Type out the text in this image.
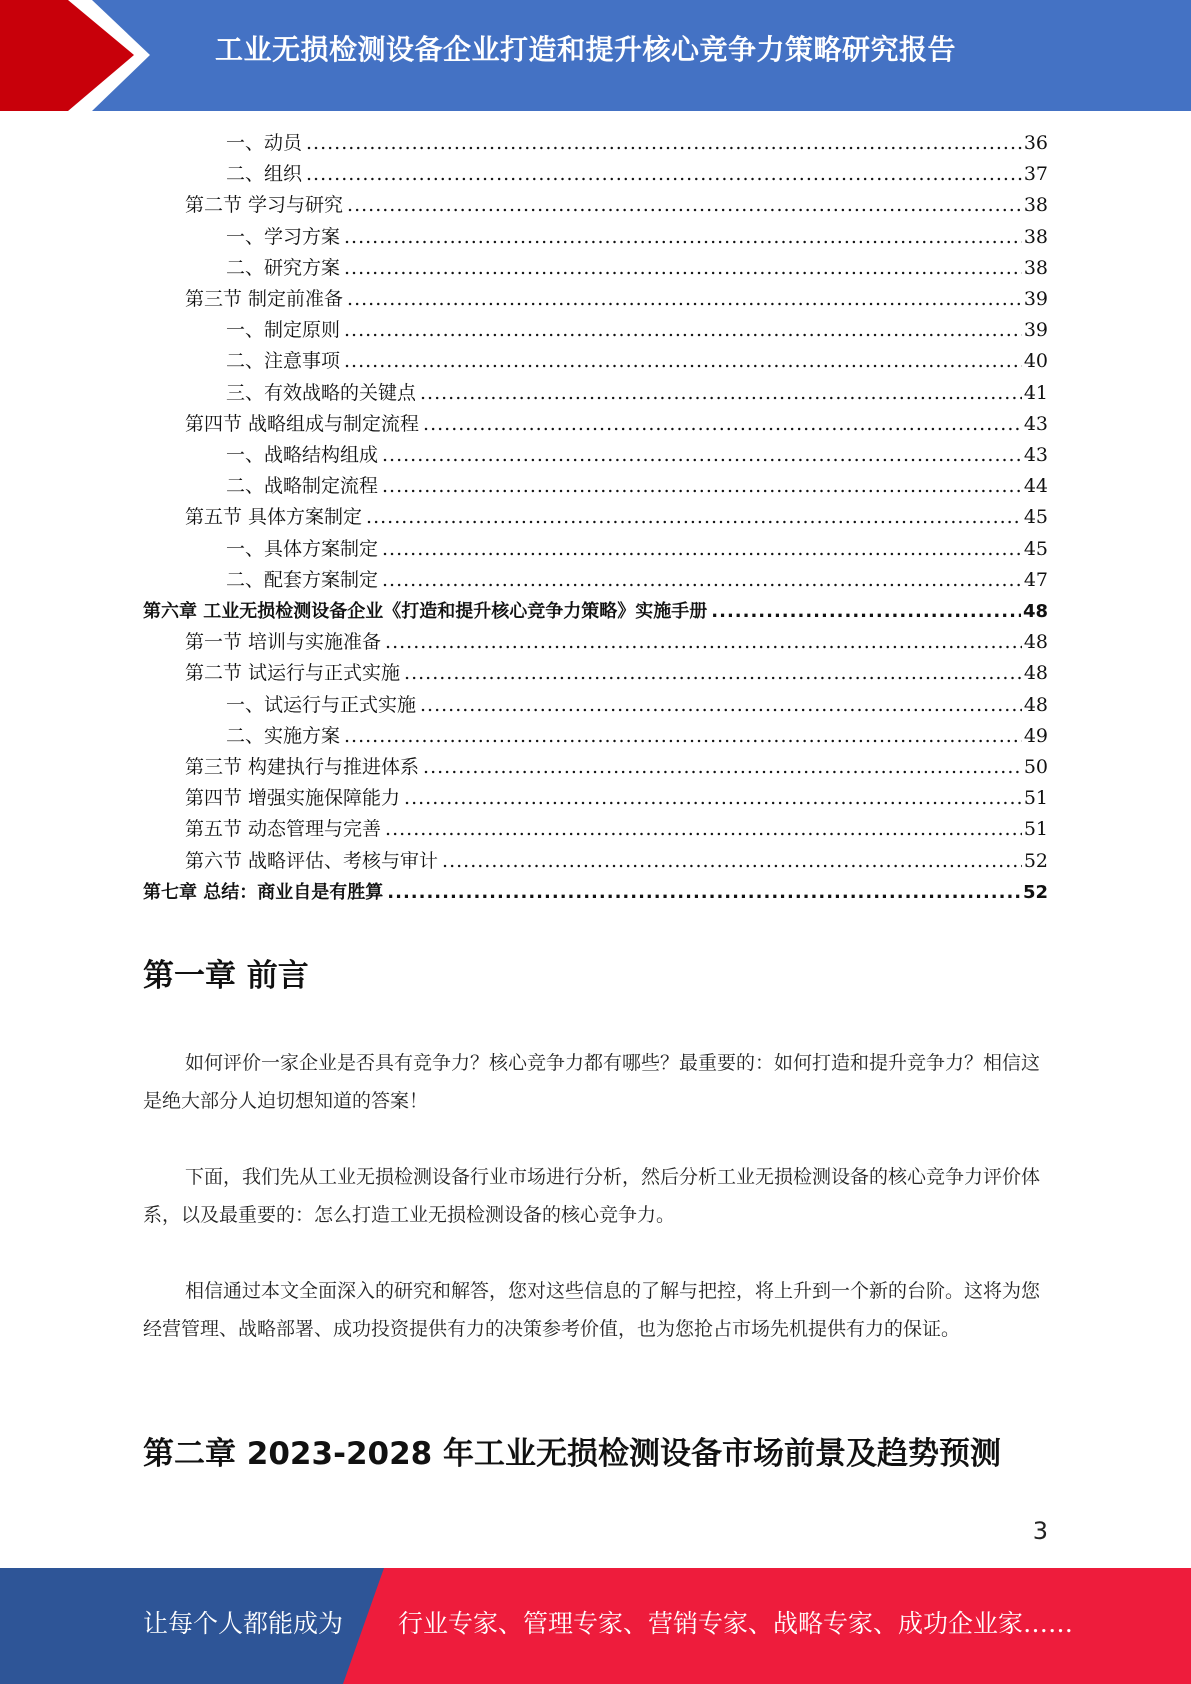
工业无损检测设备企业打造和提升核心竞争力策略研究报告
一、动员 .....	36
二、组织 .....	37
第二节 学习与研究 .....	38
一、学习方案 .....	38
二、研究方案 .....	38
第三节 制定前准备 .....	39
一、制定原则 .....	39
二、注意事项 .....	40
三、有效战略的关键点 .....	41
第四节 战略组成与制定流程 .....	43
一、战略结构组成 .....	43
二、战略制定流程 .....	44
第五节 具体方案制定 .....	45
一、具体方案制定 .....	45
二、配套方案制定 .....	47
第六章 工业无损检测设备企业《打造和提升核心竞争力策略》实施手册 .....	48
第一节 培训与实施准备 .....	48
第二节 试运行与正式实施 .....	48
一、试运行与正式实施 .....	48
二、实施方案 .....	49
第三节 构建执行与推进体系 .....	50
第四节 增强实施保障能力 .....	51
第五节 动态管理与完善 .....	51
第六节 战略评估、考核与审计 .....	52
第七章 总结：商业自是有胜算 .....	52
第一章 前言

如何评价一家企业是否具有竞争力？核心竞争力都有哪些？最重要的：如何打造和提升竞争力？相信这是绝大部分人迫切想知道的答案！

下面，我们先从工业无损检测设备行业市场进行分析，然后分析工业无损检测设备的核心竞争力评价体系，以及最重要的：怎么打造工业无损检测设备的核心竞争力。

相信通过本文全面深入的研究和解答，您对这些信息的了解与把控，将上升到一个新的台阶。这将为您经营管理、战略部署、成功投资提供有力的决策参考价值，也为您抢占市场先机提供有力的保证。

第二章 2023-2028 年工业无损检测设备市场前景及趋势预测
3
让每个人都能成为 行业专家、管理专家、营销专家、战略专家、成功企业家……
